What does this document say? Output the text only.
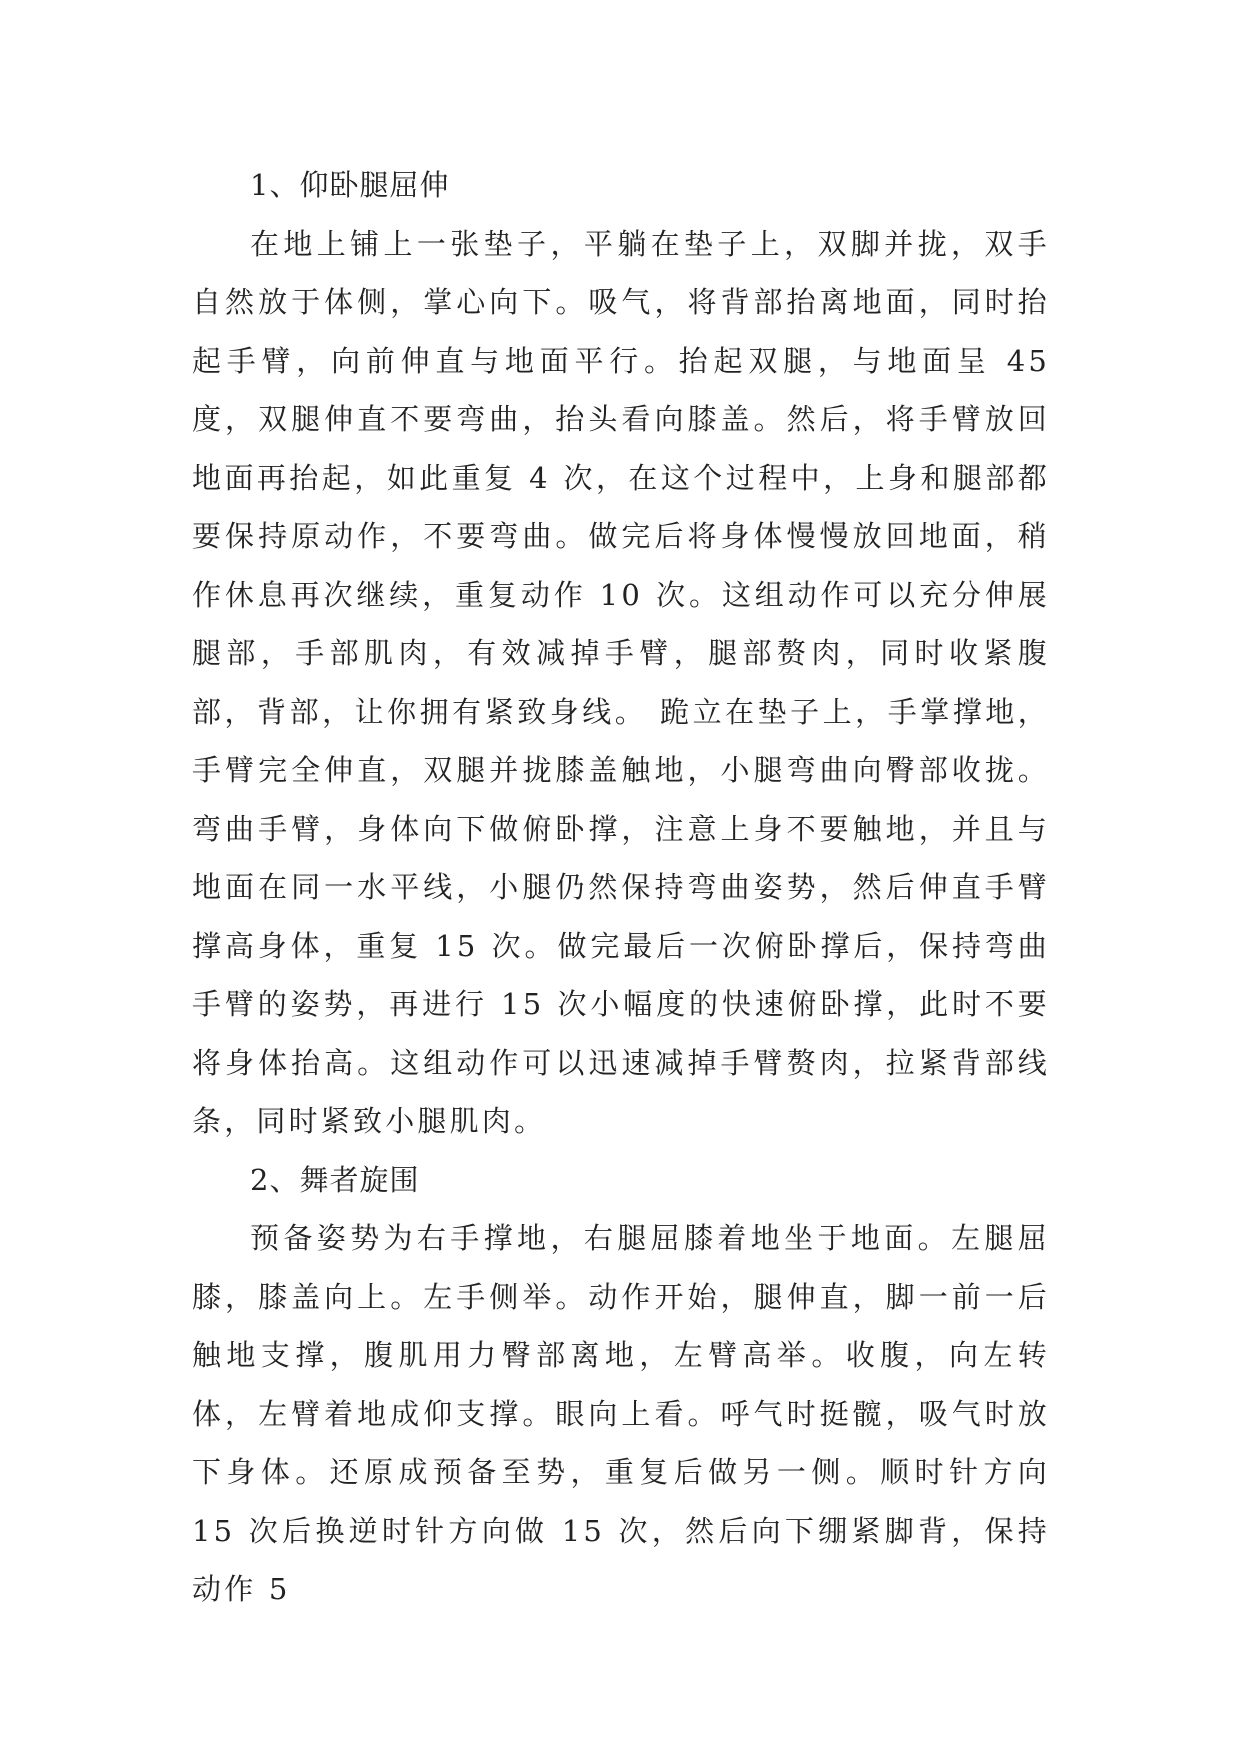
1、仰卧腿屈伸

在地上铺上一张垫子，平躺在垫子上，双脚并拢，双手自然放于体侧，掌心向下。吸气，将背部抬离地面，同时抬起手臂，向前伸直与地面平行。抬起双腿，与地面呈 45 度，双腿伸直不要弯曲，抬头看向膝盖。然后，将手臂放回地面再抬起，如此重复 4 次，在这个过程中，上身和腿部都要保持原动作，不要弯曲。做完后将身体慢慢放回地面，稍作休息再次继续，重复动作 10 次。这组动作可以充分伸展腿部，手部肌肉，有效减掉手臂，腿部赘肉，同时收紧腹部，背部，让你拥有紧致身线。 跪立在垫子上，手掌撑地，手臂完全伸直，双腿并拢膝盖触地，小腿弯曲向臀部收拢。弯曲手臂，身体向下做俯卧撑，注意上身不要触地，并且与地面在同一水平线，小腿仍然保持弯曲姿势，然后伸直手臂撑高身体，重复 15 次。做完最后一次俯卧撑后，保持弯曲手臂的姿势，再进行 15 次小幅度的快速俯卧撑，此时不要将身体抬高。这组动作可以迅速减掉手臂赘肉，拉紧背部线条，同时紧致小腿肌肉。

2、舞者旋围

预备姿势为右手撑地，右腿屈膝着地坐于地面。左腿屈膝，膝盖向上。左手侧举。动作开始，腿伸直，脚一前一后触地支撑，腹肌用力臀部离地，左臂高举。收腹，向左转体，左臂着地成仰支撑。眼向上看。呼气时挺髋，吸气时放下身体。还原成预备至势，重复后做另一侧。顺时针方向 15 次后换逆时针方向做 15 次，然后向下绷紧脚背，保持动作 5
